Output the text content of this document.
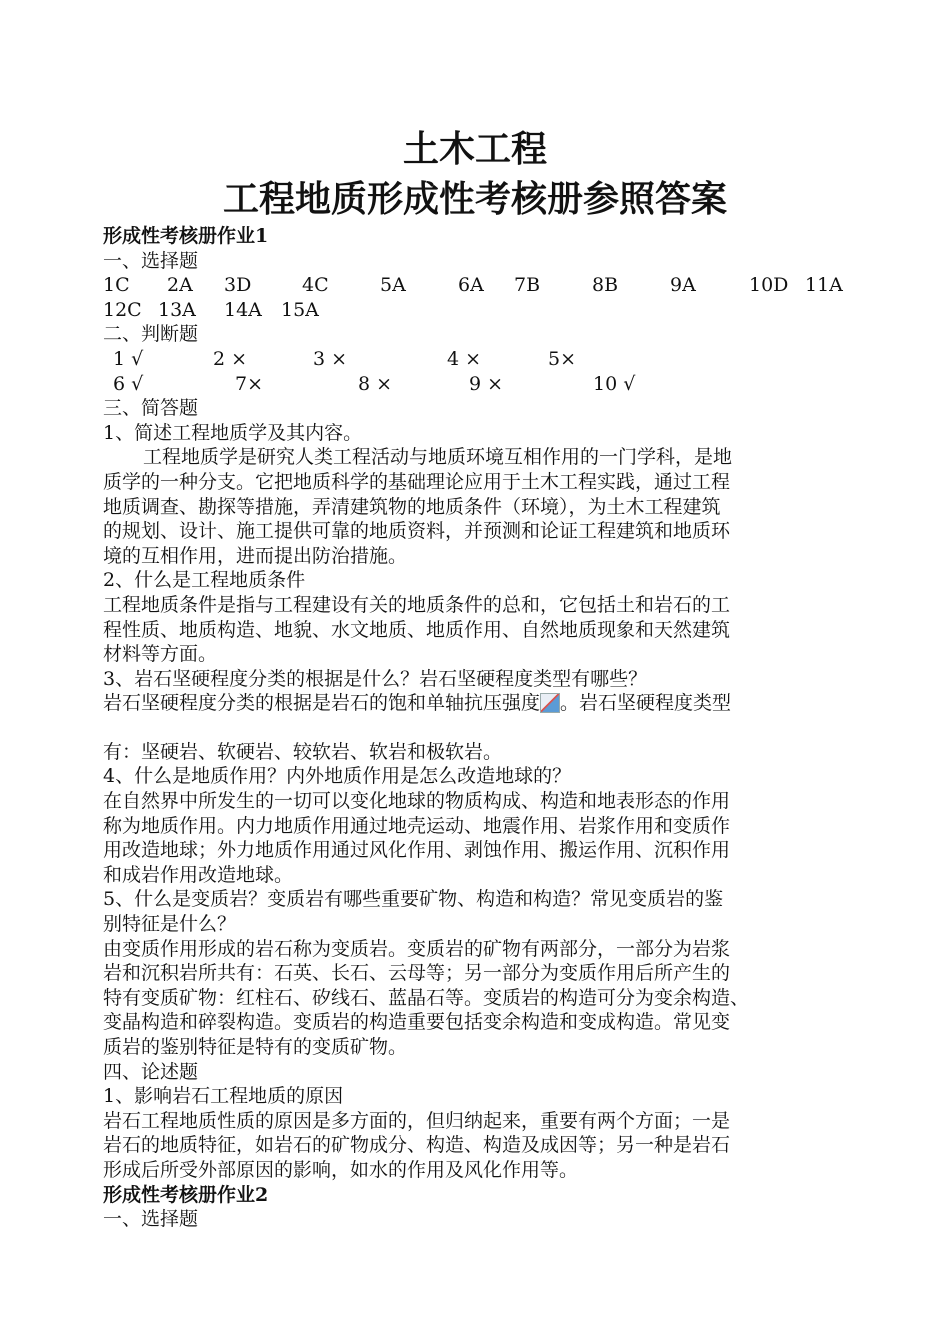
土木工程
工程地质形成性考核册参照答案

形成性考核册作业1

一、选择题

1C 2A 3D	4C	5A	6A 7B	8B	9A	10D 11A
12C 13A 14A 15A

二、判断题

1 √	2 ×	3 ×	4 ×	5×
6 √	7×	8 ×	9 ×	10 √

三、简答题

1、简述工程地质学及其内容。

工程地质学是研究人类工程活动与地质环境互相作用的一门学科，是地

质学的一种分支。它把地质科学的基础理论应用于土木工程实践，通过工程

地质调查、勘探等措施，弄清建筑物的地质条件（环境），为土木工程建筑

的规划、设计、施工提供可靠的地质资料，并预测和论证工程建筑和地质环

境的互相作用，进而提出防治措施。

2、什么是工程地质条件

工程地质条件是指与工程建设有关的地质条件的总和，它包括土和岩石的工

程性质、地质构造、地貌、水文地质、地质作用、自然地质现象和天然建筑

材料等方面。

3、岩石坚硬程度分类的根据是什么？岩石坚硬程度类型有哪些？

岩石坚硬程度分类的根据是岩石的饱和单轴抗压强度 。岩石坚硬程度类型

有：坚硬岩、软硬岩、较软岩、软岩和极软岩。

4、什么是地质作用？内外地质作用是怎么改造地球的？

在自然界中所发生的一切可以变化地球的物质构成、构造和地表形态的作用

称为地质作用。内力地质作用通过地壳运动、地震作用、岩浆作用和变质作

用改造地球；外力地质作用通过风化作用、剥蚀作用、搬运作用、沉积作用

和成岩作用改造地球。

5、什么是变质岩？变质岩有哪些重要矿物、构造和构造？常见变质岩的鉴

别特征是什么？

由变质作用形成的岩石称为变质岩。变质岩的矿物有两部分，一部分为岩浆

岩和沉积岩所共有：石英、长石、云母等；另一部分为变质作用后所产生的

特有变质矿物：红柱石、矽线石、蓝晶石等。变质岩的构造可分为变余构造、

变晶构造和碎裂构造。变质岩的构造重要包括变余构造和变成构造。常见变

质岩的鉴别特征是特有的变质矿物。

四、论述题

1、影响岩石工程地质的原因

岩石工程地质性质的原因是多方面的，但归纳起来，重要有两个方面；一是

岩石的地质特征，如岩石的矿物成分、构造、构造及成因等；另一种是岩石

形成后所受外部原因的影响，如水的作用及风化作用等。

形成性考核册作业2

一、选择题
